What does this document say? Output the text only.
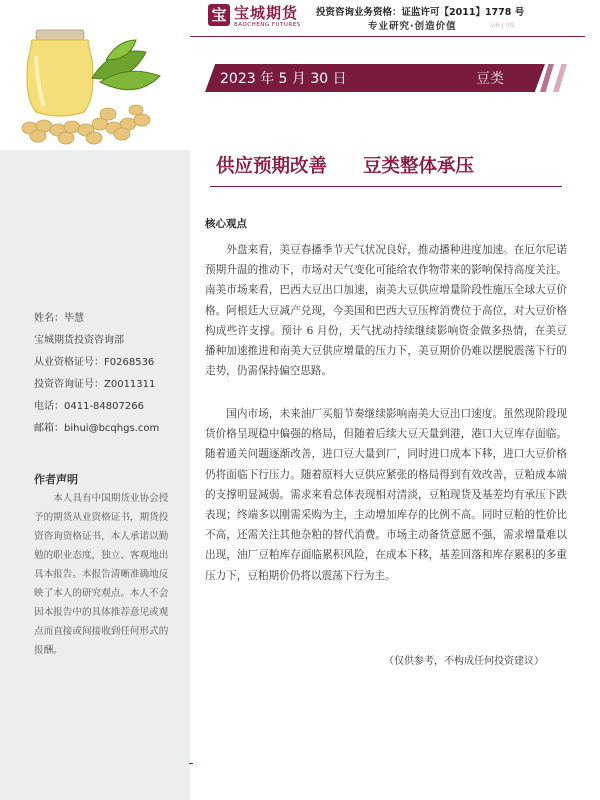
姓名：毕慧
宝城期货投资咨询部
从业资格证号：F0268536
投资咨询证号：Z0011311
电话：0411-84807266
邮箱：bihui@bcqhgs.com
作者声明
本人具有中国期货业协会授予的期货从业资格证书，期货投资咨询资格证书，本人承诺以勤勉的职业态度，独立、客观地出具本报告。本报告清晰准确地反映了本人的研究观点。本人不会因本报告中的具体推荐意见或观点而直接或间接收到任何形式的报酬。
宝 宝城期货
BAOCHENG FUTURES
投资咨询业务资格：证监许可【2011】1778 号
专业研究·创造价值	品种 | 月报
2023 年 5 月 30 日	豆类
供应预期改善 豆类整体承压
核心观点
外盘来看，美豆春播季节天气状况良好，推动播种进度加速。在厄尔尼诺预期升温的推动下，市场对天气变化可能给农作物带来的影响保持高度关注。南美市场来看，巴西大豆出口加速，南美大豆供应增量阶段性施压全球大豆价格。阿根廷大豆减产兑现，今美国和巴西大豆压榨消费位于高位，对大豆价格构成些许支撑。预计 6 月份，天气扰动持续继续影响资金做多热情，在美豆播种加速推进和南美大豆供应增量的压力下，美豆期价仍难以摆脱震荡下行的走势，仍需保持偏空思路。
国内市场，未来油厂买船节奏继续影响南美大豆出口速度。虽然现阶段现货价格呈现稳中偏强的格局，但随着后续大豆天量到港，港口大豆库存面临。随着通关问题逐渐改善，进口豆大量到厂，同时进口成本下移，进口大豆价格仍将面临下行压力。随着原料大豆供应紧张的格局得到有效改善，豆粕成本端的支撑明显减弱。需求来看总体表现相对清淡，豆粕现货及基差均有承压下跌表现；终端多以刚需采购为主，主动增加库存的比例不高。同时豆粕的性价比不高，还需关注其他杂粕的替代消费。市场主动备货意愿不强，需求增量难以出现，油厂豆粕库存面临累积风险，在成本下移，基差回落和库存累积的多重压力下，豆粕期价仍将以震荡下行为主。
（仅供参考，不构成任何投资建议）
